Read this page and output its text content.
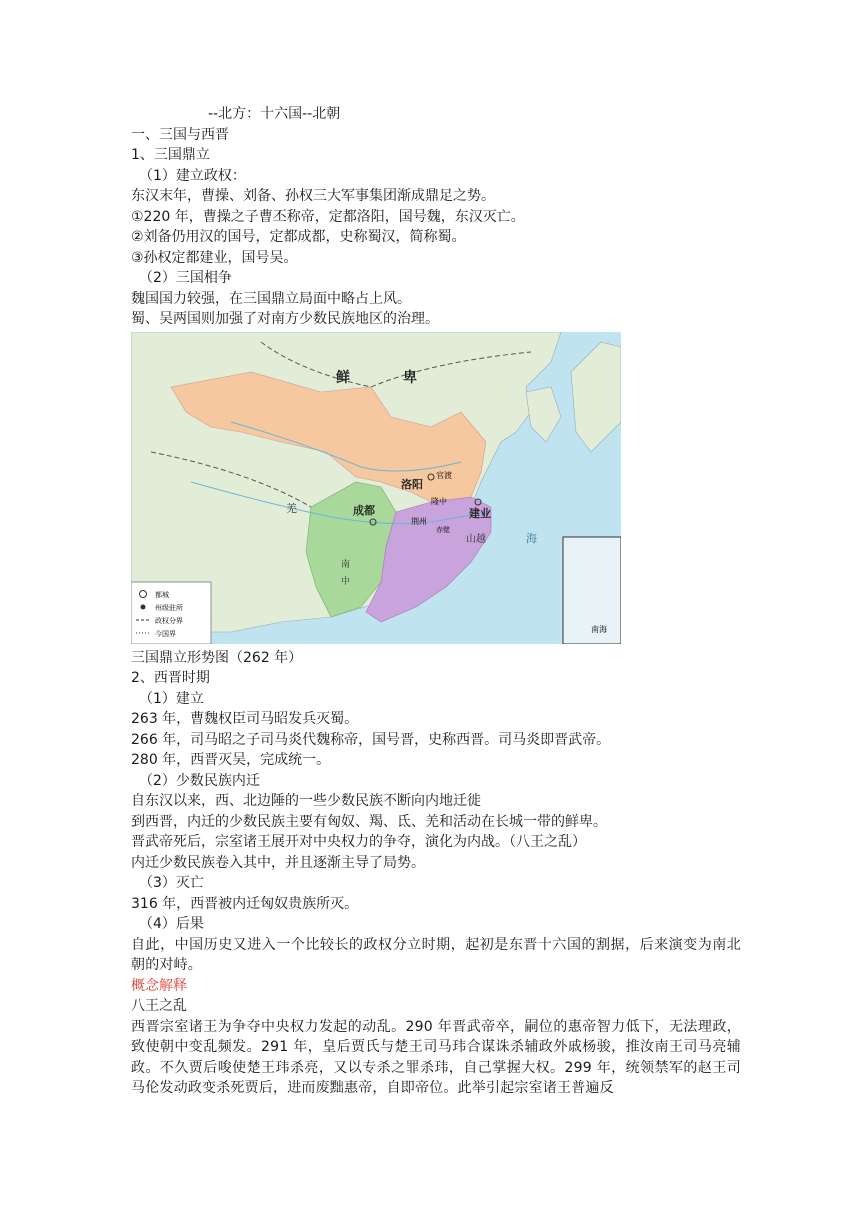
--北方：十六国--北朝
一、三国与西晋
1、三国鼎立
（1）建立政权：
东汉末年，曹操、刘备、孙权三大军事集团渐成鼎足之势。
①220 年，曹操之子曹丕称帝，定都洛阳，国号魏，东汉灭亡。
②刘备仍用汉的国号，定都成都，史称蜀汉，简称蜀。
③孙权定都建业，国号吴。
（2）三国相争
魏国国力较强，在三国鼎立局面中略占上风。
蜀、吴两国则加强了对南方少数民族地区的治理。
都城
州级驻所
政权分界
今国界
鲜	卑
羌
洛阳
官渡
隆中
成都
荆州
赤壁
建业
山越
南
中
海
南海
三国鼎立形势图（262 年）
2、西晋时期
（1）建立
263 年，曹魏权臣司马昭发兵灭蜀。
266 年，司马昭之子司马炎代魏称帝，国号晋，史称西晋。司马炎即晋武帝。
280 年，西晋灭吴，完成统一。
（2）少数民族内迁
自东汉以来，西、北边陲的一些少数民族不断向内地迁徙
到西晋，内迁的少数民族主要有匈奴、羯、氐、羌和活动在长城一带的鲜卑。
晋武帝死后，宗室诸王展开对中央权力的争夺，演化为内战。（八王之乱）
内迁少数民族卷入其中，并且逐渐主导了局势。
（3）灭亡
316 年，西晋被内迁匈奴贵族所灭。
（4）后果
自此，中国历史又进入一个比较长的政权分立时期，起初是东晋十六国的割据，后来演变为南北朝的对峙。
概念解释
八王之乱
西晋宗室诸王为争夺中央权力发起的动乱。290 年晋武帝卒，嗣位的惠帝智力低下，无法理政，致使朝中变乱频发。291 年，皇后贾氏与楚王司马玮合谋诛杀辅政外戚杨骏，推汝南王司马亮辅政。不久贾后唆使楚王玮杀亮，又以专杀之罪杀玮，自己掌握大权。299 年，统领禁军的赵王司马伦发动政变杀死贾后，进而废黜惠帝，自即帝位。此举引起宗室诸王普遍反
